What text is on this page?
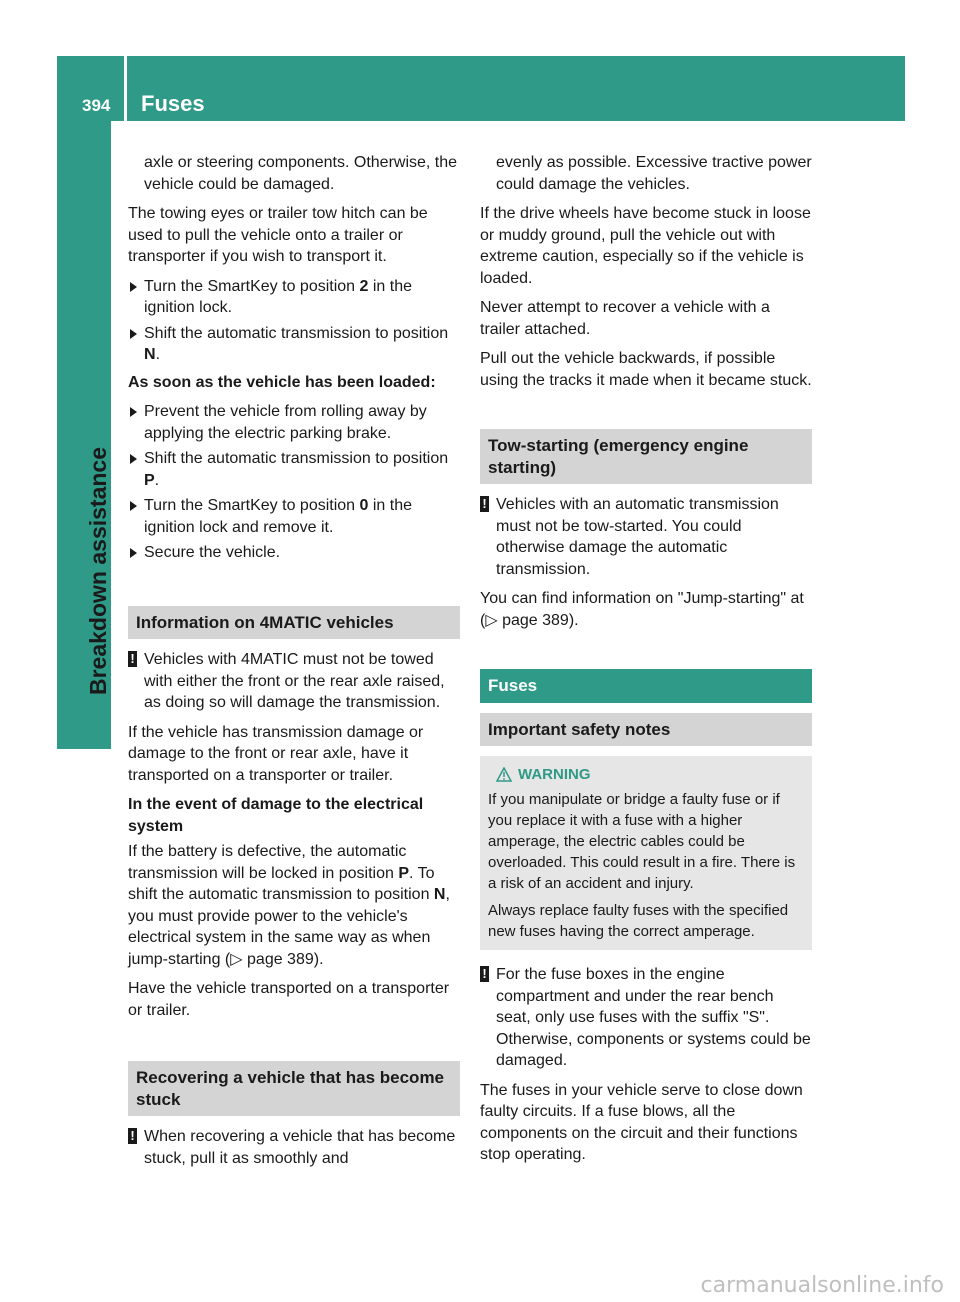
394 Fuses
Breakdown assistance

axle or steering components. Otherwise, the vehicle could be damaged.

The towing eyes or trailer tow hitch can be used to pull the vehicle onto a trailer or transporter if you wish to transport it.

Turn the SmartKey to position 2 in the ignition lock.
Shift the automatic transmission to position N.

As soon as the vehicle has been loaded:

Prevent the vehicle from rolling away by applying the electric parking brake.
Shift the automatic transmission to position P.
Turn the SmartKey to position 0 in the ignition lock and remove it.
Secure the vehicle.
Information on 4MATIC vehicles
! Vehicles with 4MATIC must not be towed with either the front or the rear axle raised, as doing so will damage the transmission.

If the vehicle has transmission damage or damage to the front or rear axle, have it transported on a transporter or trailer.

In the event of damage to the electrical system

If the battery is defective, the automatic transmission will be locked in position P. To shift the automatic transmission to position N, you must provide power to the vehicle's electrical system in the same way as when jump-starting (▷ page 389).

Have the vehicle transported on a transporter or trailer.

Recovering a vehicle that has become stuck
! When recovering a vehicle that has become stuck, pull it as smoothly and

evenly as possible. Excessive tractive power could damage the vehicles.

If the drive wheels have become stuck in loose or muddy ground, pull the vehicle out with extreme caution, especially so if the vehicle is loaded.

Never attempt to recover a vehicle with a trailer attached.

Pull out the vehicle backwards, if possible using the tracks it made when it became stuck.

Tow-starting (emergency engine starting)
! Vehicles with an automatic transmission must not be tow-started. You could otherwise damage the automatic transmission.

You can find information on "Jump-starting" at (▷ page 389).

Fuses
Important safety notes
WARNING

If you manipulate or bridge a faulty fuse or if you replace it with a fuse with a higher amperage, the electric cables could be overloaded. This could result in a fire. There is a risk of an accident and injury.

Always replace faulty fuses with the specified new fuses having the correct amperage.

! For the fuse boxes in the engine compartment and under the rear bench seat, only use fuses with the suffix "S". Otherwise, components or systems could be damaged.

The fuses in your vehicle serve to close down faulty circuits. If a fuse blows, all the components on the circuit and their functions stop operating.

carmanualsonline.info
